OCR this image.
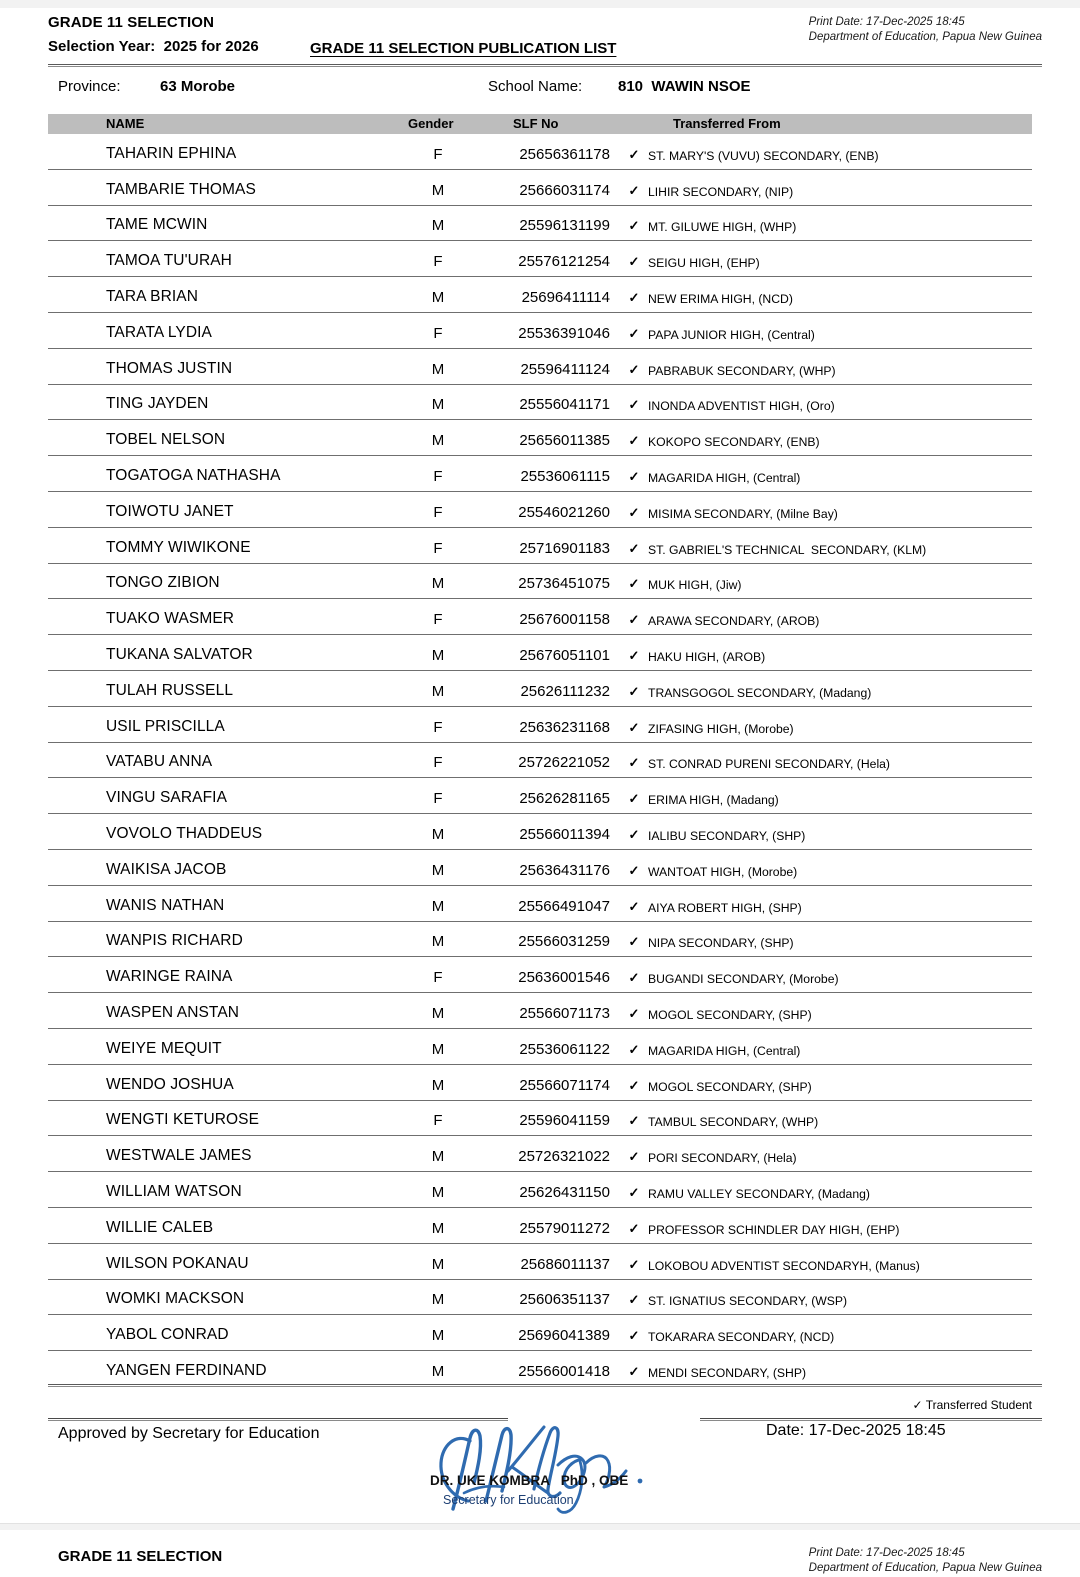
GRADE 11 SELECTION
Selection Year:  2025 for 2026	GRADE 11 SELECTION PUBLICATION LIST
Print Date: 17-Dec-2025 18:45
Department of Education, Papua New Guinea
Province:	63 Morobe	School Name: 810  WAWIN NSOE
NAME	Gender	SLF No	Transferred From
TAHARIN EPHINA	F	25656361178 ✓ ST. MARY'S (VUVU) SECONDARY, (ENB)
TAMBARIE THOMAS	M	25666031174 ✓ LIHIR SECONDARY, (NIP)
TAME MCWIN	M	25596131199 ✓ MT. GILUWE HIGH, (WHP)
TAMOA TU'URAH	F	25576121254 ✓ SEIGU HIGH, (EHP)
TARA BRIAN	M	25696411114 ✓ NEW ERIMA HIGH, (NCD)
TARATA LYDIA	F	25536391046 ✓ PAPA JUNIOR HIGH, (Central)
THOMAS JUSTIN	M	25596411124 ✓ PABRABUK SECONDARY, (WHP)
TING JAYDEN	M	25556041171 ✓ INONDA ADVENTIST HIGH, (Oro)
TOBEL NELSON	M	25656011385 ✓ KOKOPO SECONDARY, (ENB)
TOGATOGA NATHASHA	F	25536061115 ✓ MAGARIDA HIGH, (Central)
TOIWOTU JANET	F	25546021260 ✓ MISIMA SECONDARY, (Milne Bay)
TOMMY WIWIKONE	F	25716901183 ✓ ST. GABRIEL'S TECHNICAL  SECONDARY, (KLM)
TONGO ZIBION	M	25736451075 ✓ MUK HIGH, (Jiw)
TUAKO WASMER	F	25676001158 ✓ ARAWA SECONDARY, (AROB)
TUKANA SALVATOR	M	25676051101 ✓ HAKU HIGH, (AROB)
TULAH RUSSELL	M	25626111232 ✓ TRANSGOGOL SECONDARY, (Madang)
USIL PRISCILLA	F	25636231168 ✓ ZIFASING HIGH, (Morobe)
VATABU ANNA	F	25726221052 ✓ ST. CONRAD PURENI SECONDARY, (Hela)
VINGU SARAFIA	F	25626281165 ✓ ERIMA HIGH, (Madang)
VOVOLO THADDEUS	M	25566011394 ✓ IALIBU SECONDARY, (SHP)
WAIKISA JACOB	M	25636431176 ✓ WANTOAT HIGH, (Morobe)
WANIS NATHAN	M	25566491047 ✓ AIYA ROBERT HIGH, (SHP)
WANPIS RICHARD	M	25566031259 ✓ NIPA SECONDARY, (SHP)
WARINGE RAINA	F	25636001546 ✓ BUGANDI SECONDARY, (Morobe)
WASPEN ANSTAN	M	25566071173 ✓ MOGOL SECONDARY, (SHP)
WEIYE MEQUIT	M	25536061122 ✓ MAGARIDA HIGH, (Central)
WENDO JOSHUA	M	25566071174 ✓ MOGOL SECONDARY, (SHP)
WENGTI KETUROSE	F	25596041159 ✓ TAMBUL SECONDARY, (WHP)
WESTWALE JAMES	M	25726321022 ✓ PORI SECONDARY, (Hela)
WILLIAM WATSON	M	25626431150 ✓ RAMU VALLEY SECONDARY, (Madang)
WILLIE CALEB	M	25579011272 ✓ PROFESSOR SCHINDLER DAY HIGH, (EHP)
WILSON POKANAU	M	25686011137 ✓ LOKOBOU ADVENTIST SECONDARYH, (Manus)
WOMKI MACKSON	M	25606351137 ✓ ST. IGNATIUS SECONDARY, (WSP)
YABOL CONRAD	M	25696041389 ✓ TOKARARA SECONDARY, (NCD)
YANGEN FERDINAND	M	25566001418 ✓ MENDI SECONDARY, (SHP)
✓ Transferred Student
Approved by Secretary for Education	Date: 17-Dec-2025 18:45
DR. UKE KOMBRA   PhD , OBE
Secretary for Education
GRADE 11 SELECTION	Print Date: 17-Dec-2025 18:45
Department of Education, Papua New Guinea
